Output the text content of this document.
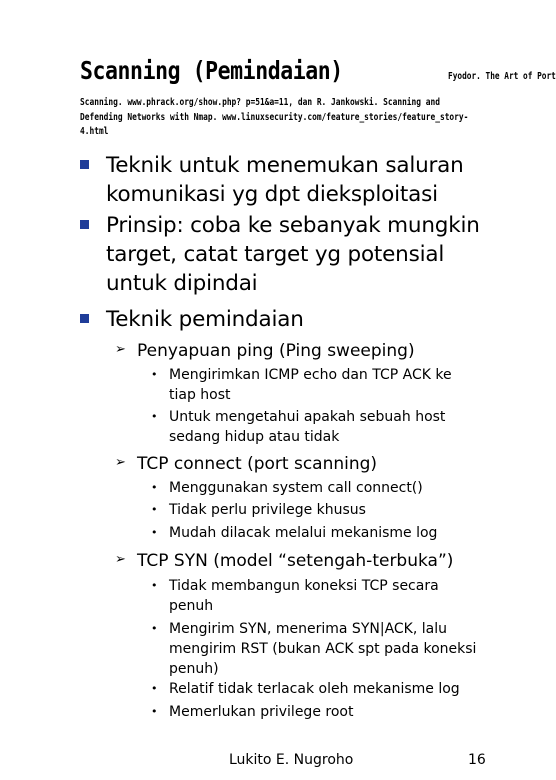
Scanning (Pemindaian)	Fyodor. The Art of Port
Scanning. www.phrack.org/show.php? p=51&a=11, dan R. Jankowski. Scanning and
Defending Networks with Nmap. www.linuxsecurity.com/feature_stories/feature_story-
4.html
Teknik untuk menemukan saluran
komunikasi yg dpt dieksploitasi
Prinsip: coba ke sebanyak mungkin
target, catat target yg potensial
untuk dipindai
Teknik pemindaian
➢ Penyapuan ping (Ping sweeping)
• Mengirimkan ICMP echo dan TCP ACK ke
tiap host
• Untuk mengetahui apakah sebuah host
sedang hidup atau tidak
➢ TCP connect (port scanning)
• Menggunakan system call connect()
• Tidak perlu privilege khusus
• Mudah dilacak melalui mekanisme log
➢ TCP SYN (model “setengah-terbuka”)
• Tidak membangun koneksi TCP secara
penuh
• Mengirim SYN, menerima SYN|ACK, lalu
mengirim RST (bukan ACK spt pada koneksi
penuh)
• Relatif tidak terlacak oleh mekanisme log
• Memerlukan privilege root
Lukito E. Nugroho	16
